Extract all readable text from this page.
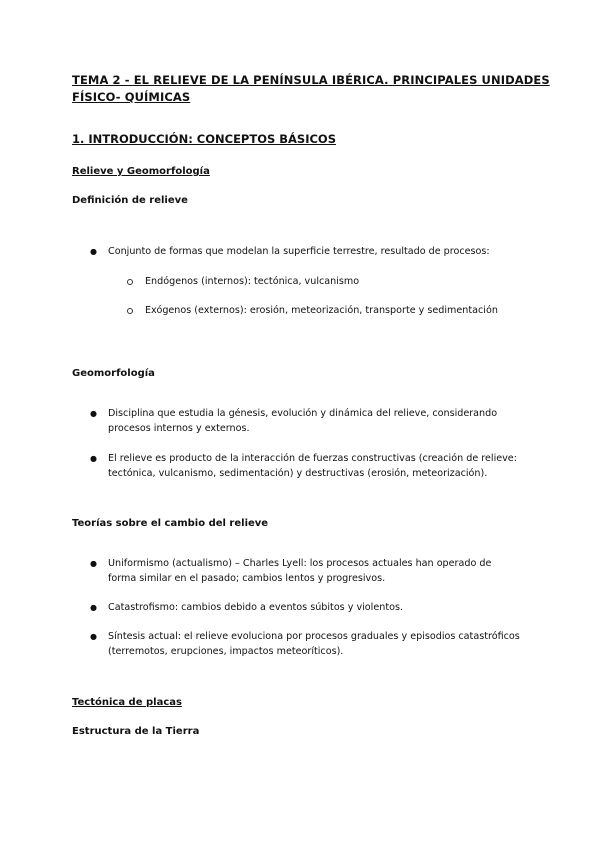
TEMA 2 - EL RELIEVE DE LA PENÍNSULA IBÉRICA. PRINCIPALES UNIDADES
FÍSICO- QUÍMICAS
1. INTRODUCCIÓN: CONCEPTOS BÁSICOS
Relieve y Geomorfología
Definición de relieve
● Conjunto de formas que modelan la superficie terrestre, resultado de procesos:
Endógenos (internos): tectónica, vulcanismo
Exógenos (externos): erosión, meteorización, transporte y sedimentación
Geomorfología
● Disciplina que estudia la génesis, evolución y dinámica del relieve, considerando procesos internos y externos.
● El relieve es producto de la interacción de fuerzas constructivas (creación de relieve: tectónica, vulcanismo, sedimentación) y destructivas (erosión, meteorización).
Teorías sobre el cambio del relieve
● Uniformismo (actualismo) – Charles Lyell: los procesos actuales han operado de forma similar en el pasado; cambios lentos y progresivos.
● Catastrofismo: cambios debido a eventos súbitos y violentos.
● Síntesis actual: el relieve evoluciona por procesos graduales y episodios catastróficos (terremotos, erupciones, impactos meteoríticos).
Tectónica de placas
Estructura de la Tierra
